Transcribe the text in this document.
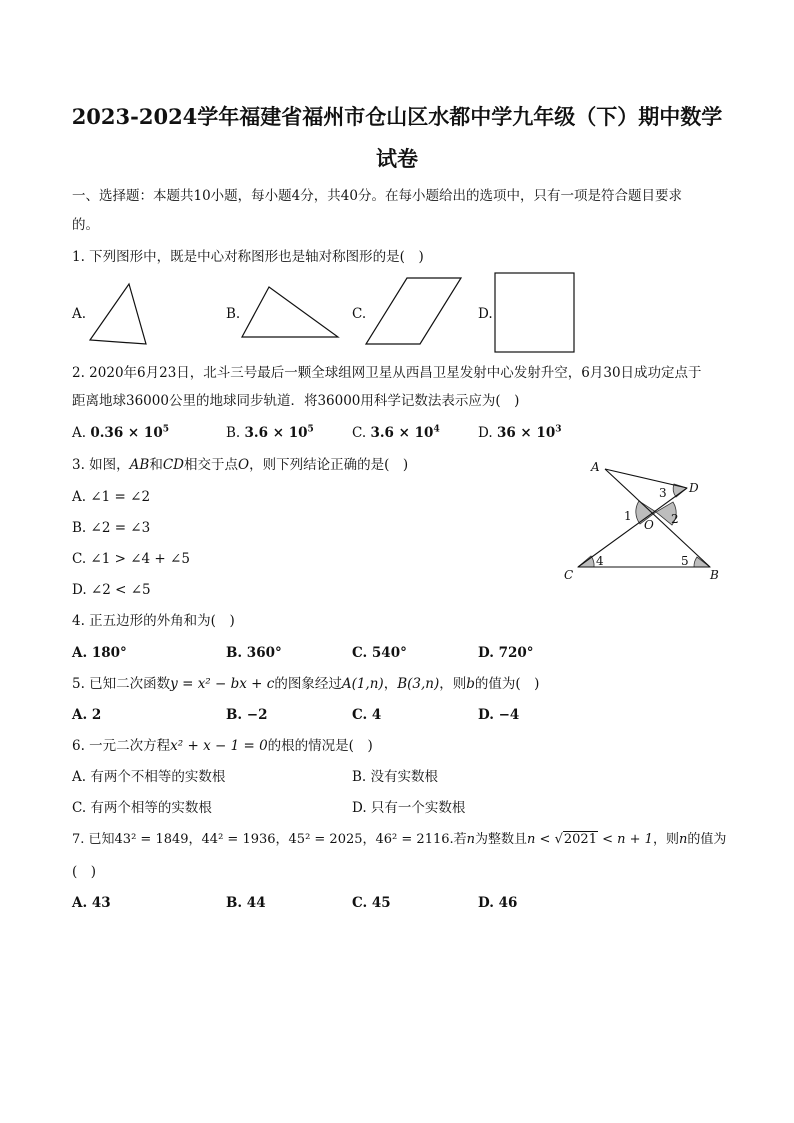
2023-2024学年福建省福州市仓山区水都中学九年级（下）期中数学
试卷
一、选择题：本题共10小题，每小题4分，共40分。在每小题给出的选项中，只有一项是符合题目要求
的。
1. 下列图形中，既是中心对称图形也是轴对称图形的是(　)
A.	B.	C.	D.
2. 2020年6月23日，北斗三号最后一颗全球组网卫星从西昌卫星发射中心发射升空，6月30日成功定点于
距离地球36000公里的地球同步轨道．将36000用科学记数法表示应为(　)
A. $0.36 \times 10^5$	B. $3.6 \times 10^5$	C. $3.6 \times 10^4$	D. $36 \times 10^3$
3. 如图，AB和CD相交于点O，则下列结论正确的是(　)
A. ∠1 = ∠2
B. ∠2 = ∠3
C. ∠1 > ∠4 + ∠5
D. ∠2 < ∠5
A
D
3
1
O 2
C
4	5
B
4. 正五边形的外角和为(　)
A. 180°	B. 360°	C. 540°	D. 720°
5. 已知二次函数y = x² − bx + c的图象经过A(1,n)，B(3,n)，则b的值为(　)
A. 2	B. −2	C. 4	D. −4
6. 一元二次方程x² + x − 1 = 0的根的情况是(　)
A. 有两个不相等的实数根	B. 没有实数根
C. 有两个相等的实数根	D. 只有一个实数根
7. 已知43² = 1849，44² = 1936，45² = 2025，46² = 2116.若n为整数且n < √2021 < n + 1，则n的值为
(　)
A. 43	B. 44	C. 45	D. 46
